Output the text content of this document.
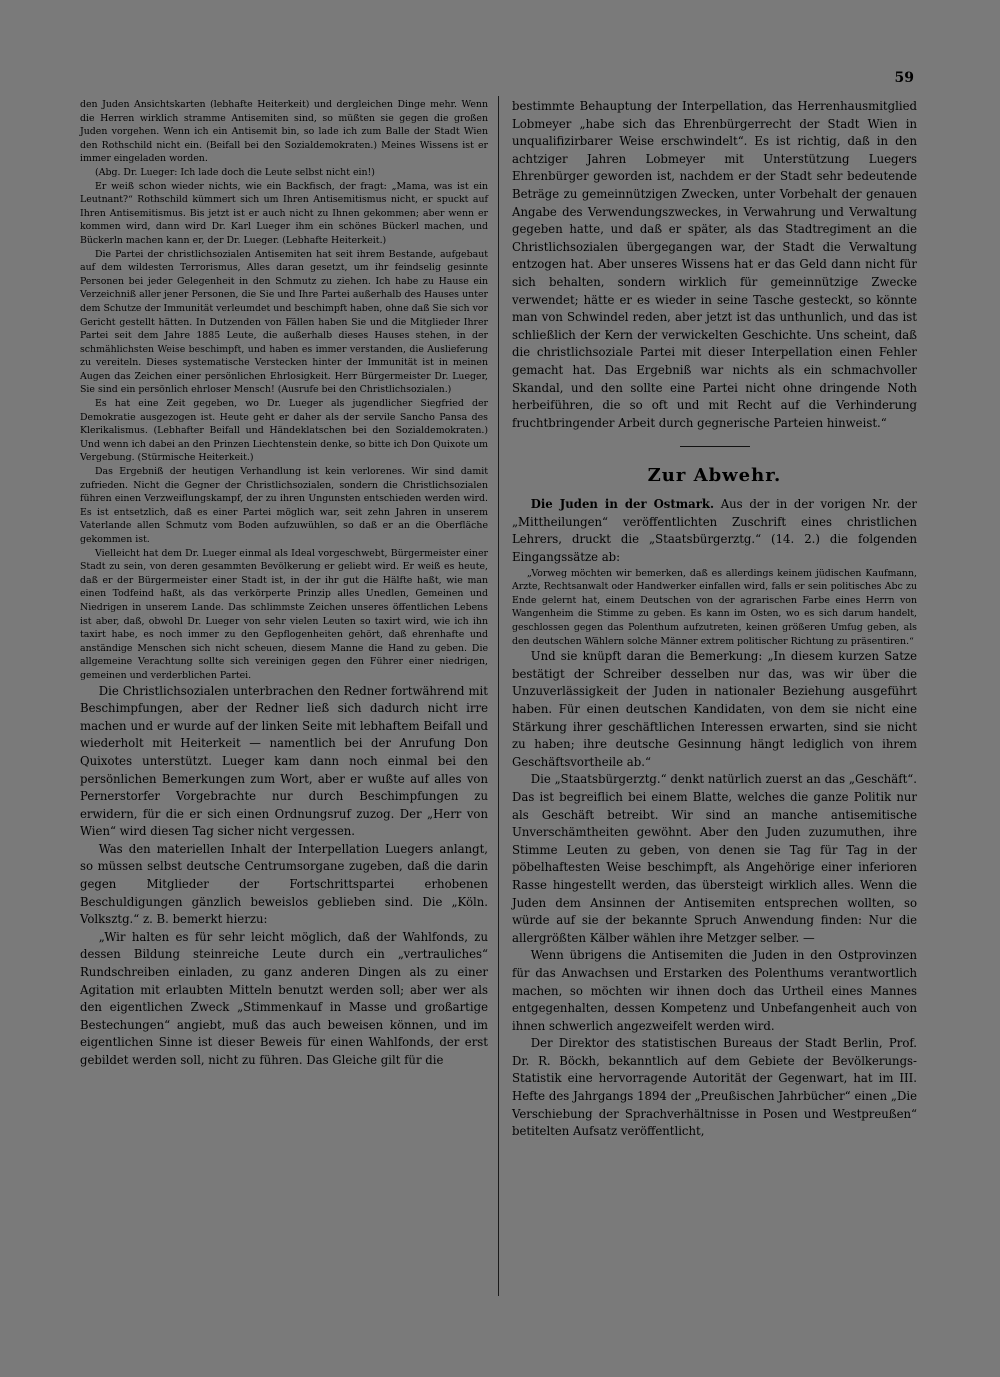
59

den Juden Ansichtskarten (lebhafte Heiterkeit) und dergleichen Dinge mehr. Wenn die Herren wirklich stramme Antisemiten sind, so müßten sie gegen die großen Juden vorgehen. Wenn ich ein Antisemit bin, so lade ich zum Balle der Stadt Wien den Rothschild nicht ein. (Beifall bei den Sozialdemokraten.) Meines Wissens ist er immer eingeladen worden.

(Abg. Dr. Lueger: Ich lade doch die Leute selbst nicht ein!)

Er weiß schon wieder nichts, wie ein Backfisch, der fragt: „Mama, was ist ein Leutnant?“ Rothschild kümmert sich um Ihren Antisemitismus nicht, er spuckt auf Ihren Antisemitismus. Bis jetzt ist er auch nicht zu Ihnen gekommen; aber wenn er kommen wird, dann wird Dr. Karl Lueger ihm ein schönes Bückerl machen, und Bückerln machen kann er, der Dr. Lueger. (Lebhafte Heiterkeit.)

Die Partei der christlichsozialen Antisemiten hat seit ihrem Bestande, aufgebaut auf dem wildesten Terrorismus, Alles daran gesetzt, um ihr feindselig gesinnte Personen bei jeder Gelegenheit in den Schmutz zu ziehen. Ich habe zu Hause ein Verzeichniß aller jener Personen, die Sie und Ihre Partei außerhalb des Hauses unter dem Schutze der Immunität verleumdet und beschimpft haben, ohne daß Sie sich vor Gericht gestellt hätten. In Dutzenden von Fällen haben Sie und die Mitglieder Ihrer Partei seit dem Jahre 1885 Leute, die außerhalb dieses Hauses stehen, in der schmählichsten Weise beschimpft, und haben es immer verstanden, die Auslieferung zu vereiteln. Dieses systematische Verstecken hinter der Immunität ist in meinen Augen das Zeichen einer persönlichen Ehrlosigkeit. Herr Bürgermeister Dr. Lueger, Sie sind ein persönlich ehrloser Mensch! (Ausrufe bei den Christlichsozialen.)

Es hat eine Zeit gegeben, wo Dr. Lueger als jugendlicher Siegfried der Demokratie ausgezogen ist. Heute geht er daher als der servile Sancho Pansa des Klerikalismus. (Lebhafter Beifall und Händeklatschen bei den Sozialdemokraten.) Und wenn ich dabei an den Prinzen Liechtenstein denke, so bitte ich Don Quixote um Vergebung. (Stürmische Heiterkeit.)

Das Ergebniß der heutigen Verhandlung ist kein verlorenes. Wir sind damit zufrieden. Nicht die Gegner der Christlichsozialen, sondern die Christlichsozialen führen einen Verzweiflungskampf, der zu ihren Ungunsten entschieden werden wird. Es ist entsetzlich, daß es einer Partei möglich war, seit zehn Jahren in unserem Vaterlande allen Schmutz vom Boden aufzuwühlen, so daß er an die Oberfläche gekommen ist.

Vielleicht hat dem Dr. Lueger einmal als Ideal vorgeschwebt, Bürgermeister einer Stadt zu sein, von deren gesammten Bevölkerung er geliebt wird. Er weiß es heute, daß er der Bürgermeister einer Stadt ist, in der ihr gut die Hälfte haßt, wie man einen Todfeind haßt, als das verkörperte Prinzip alles Unedlen, Gemeinen und Niedrigen in unserem Lande. Das schlimmste Zeichen unseres öffentlichen Lebens ist aber, daß, obwohl Dr. Lueger von sehr vielen Leuten so taxirt wird, wie ich ihn taxirt habe, es noch immer zu den Gepflogenheiten gehört, daß ehrenhafte und anständige Menschen sich nicht scheuen, diesem Manne die Hand zu geben. Die allgemeine Verachtung sollte sich vereinigen gegen den Führer einer niedrigen, gemeinen und verderblichen Partei.

Die Christlichsozialen unterbrachen den Redner fortwährend mit Beschimpfungen, aber der Redner ließ sich dadurch nicht irre machen und er wurde auf der linken Seite mit lebhaftem Beifall und wiederholt mit Heiterkeit — namentlich bei der Anrufung Don Quixotes unterstützt. Lueger kam dann noch einmal bei den persönlichen Bemerkungen zum Wort, aber er wußte auf alles von Pernerstorfer Vorgebrachte nur durch Beschimpfungen zu erwidern, für die er sich einen Ordnungsruf zuzog. Der „Herr von Wien“ wird diesen Tag sicher nicht vergessen.

Was den materiellen Inhalt der Interpellation Luegers anlangt, so müssen selbst deutsche Centrumsorgane zugeben, daß die darin gegen Mitglieder der Fortschrittspartei erhobenen Beschuldigungen gänzlich beweislos geblieben sind. Die „Köln. Volksztg.“ z. B. bemerkt hierzu:

„Wir halten es für sehr leicht möglich, daß der Wahlfonds, zu dessen Bildung steinreiche Leute durch ein „vertrauliches“ Rundschreiben einladen, zu ganz anderen Dingen als zu einer Agitation mit erlaubten Mitteln benutzt werden soll; aber wer als den eigentlichen Zweck „Stimmenkauf in Masse und großartige Bestechungen“ angiebt, muß das auch beweisen können, und im eigentlichen Sinne ist dieser Beweis für einen Wahlfonds, der erst gebildet werden soll, nicht zu führen. Das Gleiche gilt für die

bestimmte Behauptung der Interpellation, das Herrenhausmitglied Lobmeyer „habe sich das Ehrenbürgerrecht der Stadt Wien in unqualifizirbarer Weise erschwindelt“. Es ist richtig, daß in den achtziger Jahren Lobmeyer mit Unterstützung Luegers Ehrenbürger geworden ist, nachdem er der Stadt sehr bedeutende Beträge zu gemeinnützigen Zwecken, unter Vorbehalt der genauen Angabe des Verwendungszweckes, in Verwahrung und Verwaltung gegeben hatte, und daß er später, als das Stadtregiment an die Christlichsozialen übergegangen war, der Stadt die Verwaltung entzogen hat. Aber unseres Wissens hat er das Geld dann nicht für sich behalten, sondern wirklich für gemeinnützige Zwecke verwendet; hätte er es wieder in seine Tasche gesteckt, so könnte man von Schwindel reden, aber jetzt ist das unthunlich, und das ist schließlich der Kern der verwickelten Geschichte. Uns scheint, daß die christlichsoziale Partei mit dieser Interpellation einen Fehler gemacht hat. Das Ergebniß war nichts als ein schmachvoller Skandal, und den sollte eine Partei nicht ohne dringende Noth herbeiführen, die so oft und mit Recht auf die Verhinderung fruchtbringender Arbeit durch gegnerische Parteien hinweist.“

Zur Abwehr.

Die Juden in der Ostmark. Aus der in der vorigen Nr. der „Mittheilungen“ veröffentlichten Zuschrift eines christlichen Lehrers, druckt die „Staatsbürgerztg.“ (14. 2.) die folgenden Eingangssätze ab:

„Vorweg möchten wir bemerken, daß es allerdings keinem jüdischen Kaufmann, Arzte, Rechtsanwalt oder Handwerker einfallen wird, falls er sein politisches Abc zu Ende gelernt hat, einem Deutschen von der agrarischen Farbe eines Herrn von Wangenheim die Stimme zu geben. Es kann im Osten, wo es sich darum handelt, geschlossen gegen das Polenthum aufzutreten, keinen größeren Umfug geben, als den deutschen Wählern solche Männer extrem politischer Richtung zu präsentiren.“

Und sie knüpft daran die Bemerkung: „In diesem kurzen Satze bestätigt der Schreiber desselben nur das, was wir über die Unzuverlässigkeit der Juden in nationaler Beziehung ausgeführt haben. Für einen deutschen Kandidaten, von dem sie nicht eine Stärkung ihrer geschäftlichen Interessen erwarten, sind sie nicht zu haben; ihre deutsche Gesinnung hängt lediglich von ihrem Geschäftsvortheile ab.“

Die „Staatsbürgerztg.“ denkt natürlich zuerst an das „Geschäft“. Das ist begreiflich bei einem Blatte, welches die ganze Politik nur als Geschäft betreibt. Wir sind an manche antisemitische Unverschämtheiten gewöhnt. Aber den Juden zuzumuthen, ihre Stimme Leuten zu geben, von denen sie Tag für Tag in der pöbelhaftesten Weise beschimpft, als Angehörige einer inferioren Rasse hingestellt werden, das übersteigt wirklich alles. Wenn die Juden dem Ansinnen der Antisemiten entsprechen wollten, so würde auf sie der bekannte Spruch Anwendung finden: Nur die allergrößten Kälber wählen ihre Metzger selber. —

Wenn übrigens die Antisemiten die Juden in den Ostprovinzen für das Anwachsen und Erstarken des Polenthums verantwortlich machen, so möchten wir ihnen doch das Urtheil eines Mannes entgegenhalten, dessen Kompetenz und Unbefangenheit auch von ihnen schwerlich angezweifelt werden wird.

Der Direktor des statistischen Bureaus der Stadt Berlin, Prof. Dr. R. Böckh, bekanntlich auf dem Gebiete der Bevölkerungs-Statistik eine hervorragende Autorität der Gegenwart, hat im III. Hefte des Jahrgangs 1894 der „Preußischen Jahrbücher“ einen „Die Verschiebung der Sprachverhältnisse in Posen und Westpreußen“ betitelten Aufsatz veröffentlicht,
